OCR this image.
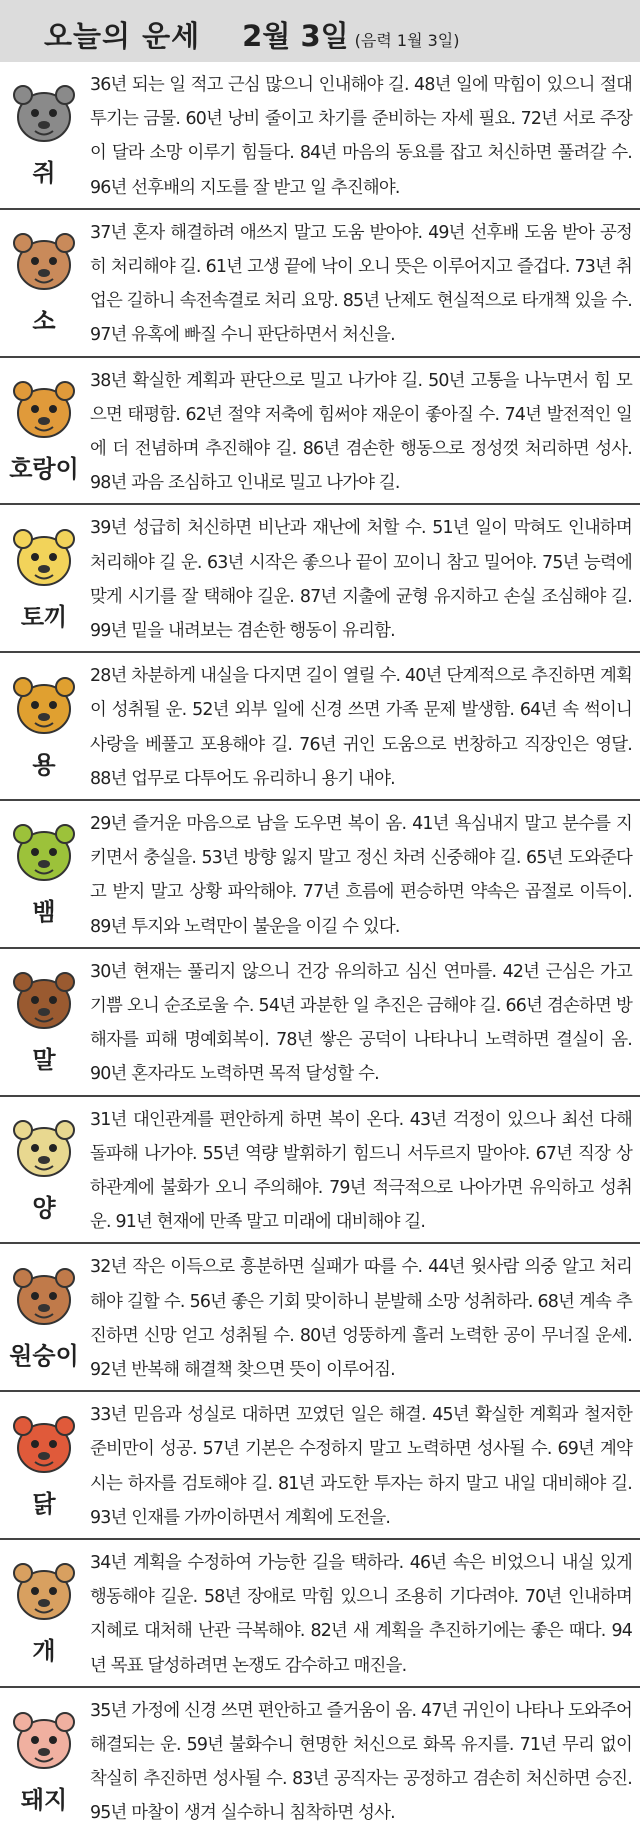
오늘의 운세 2월 3일 (음력 1월 3일)
쥐
36년 되는 일 적고 근심 많으니 인내해야 길. 48년 일에 막힘이 있으니 절대 투기는 금물. 60년 낭비 줄이고 차기를 준비하는 자세 필요. 72년 서로 주장이 달라 소망 이루기 힘들다. 84년 마음의 동요를 잡고 처신하면 풀려갈 수. 96년 선후배의 지도를 잘 받고 일 추진해야.
소
37년 혼자 해결하려 애쓰지 말고 도움 받아야. 49년 선후배 도움 받아 공정히 처리해야 길. 61년 고생 끝에 낙이 오니 뜻은 이루어지고 즐겁다. 73년 취업은 길하니 속전속결로 처리 요망. 85년 난제도 현실적으로 타개책 있을 수. 97년 유혹에 빠질 수니 판단하면서 처신을.
호랑이
38년 확실한 계획과 판단으로 밀고 나가야 길. 50년 고통을 나누면서 힘 모으면 태평함. 62년 절약 저축에 힘써야 재운이 좋아질 수. 74년 발전적인 일에 더 전념하며 추진해야 길. 86년 겸손한 행동으로 정성껏 처리하면 성사. 98년 과음 조심하고 인내로 밀고 나가야 길.
토끼
39년 성급히 처신하면 비난과 재난에 처할 수. 51년 일이 막혀도 인내하며 처리해야 길 운. 63년 시작은 좋으나 끝이 꼬이니 참고 밀어야. 75년 능력에 맞게 시기를 잘 택해야 길운. 87년 지출에 균형 유지하고 손실 조심해야 길. 99년 밑을 내려보는 겸손한 행동이 유리함.
용
28년 차분하게 내실을 다지면 길이 열릴 수. 40년 단계적으로 추진하면 계획이 성취될 운. 52년 외부 일에 신경 쓰면 가족 문제 발생함. 64년 속 썩이니 사랑을 베풀고 포용해야 길. 76년 귀인 도움으로 번창하고 직장인은 영달. 88년 업무로 다투어도 유리하니 용기 내야.
뱀
29년 즐거운 마음으로 남을 도우면 복이 옴. 41년 욕심내지 말고 분수를 지키면서 충실을. 53년 방향 잃지 말고 정신 차려 신중해야 길. 65년 도와준다고 받지 말고 상황 파악해야. 77년 흐름에 편승하면 약속은 곱절로 이득이. 89년 투지와 노력만이 불운을 이길 수 있다.
말
30년 현재는 풀리지 않으니 건강 유의하고 심신 연마를. 42년 근심은 가고 기쁨 오니 순조로울 수. 54년 과분한 일 추진은 금해야 길. 66년 겸손하면 방해자를 피해 명예회복이. 78년 쌓은 공덕이 나타나니 노력하면 결실이 옴. 90년 혼자라도 노력하면 목적 달성할 수.
양
31년 대인관계를 편안하게 하면 복이 온다. 43년 걱정이 있으나 최선 다해 돌파해 나가야. 55년 역량 발휘하기 힘드니 서두르지 말아야. 67년 직장 상하관계에 불화가 오니 주의해야. 79년 적극적으로 나아가면 유익하고 성취 운. 91년 현재에 만족 말고 미래에 대비해야 길.
원숭이
32년 작은 이득으로 흥분하면 실패가 따를 수. 44년 윗사람 의중 알고 처리해야 길할 수. 56년 좋은 기회 맞이하니 분발해 소망 성취하라. 68년 계속 추진하면 신망 얻고 성취될 수. 80년 엉뚱하게 흘러 노력한 공이 무너질 운세. 92년 반복해 해결책 찾으면 뜻이 이루어짐.
닭
33년 믿음과 성실로 대하면 꼬였던 일은 해결. 45년 확실한 계획과 철저한 준비만이 성공. 57년 기본은 수정하지 말고 노력하면 성사될 수. 69년 계약 시는 하자를 검토해야 길. 81년 과도한 투자는 하지 말고 내일 대비해야 길. 93년 인재를 가까이하면서 계획에 도전을.
개
34년 계획을 수정하여 가능한 길을 택하라. 46년 속은 비었으니 내실 있게 행동해야 길운. 58년 장애로 막힘 있으니 조용히 기다려야. 70년 인내하며 지혜로 대처해 난관 극복해야. 82년 새 계획을 추진하기에는 좋은 때다. 94년 목표 달성하려면 논쟁도 감수하고 매진을.
돼지
35년 가정에 신경 쓰면 편안하고 즐거움이 옴. 47년 귀인이 나타나 도와주어 해결되는 운. 59년 불화수니 현명한 처신으로 화목 유지를. 71년 무리 없이 착실히 추진하면 성사될 수. 83년 공직자는 공정하고 겸손히 처신하면 승진. 95년 마찰이 생겨 실수하니 침착하면 성사.
